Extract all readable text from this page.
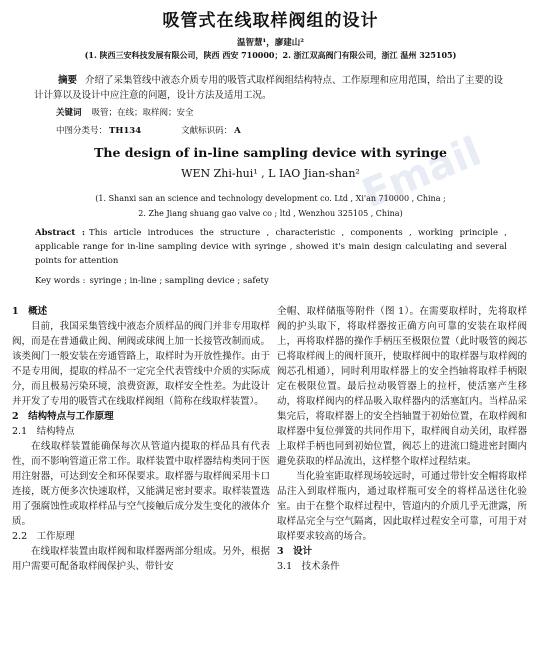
Email
吸管式在线取样阀组的设计
温智慧¹，廖建山²
(1. 陕西三安科技发展有限公司，陕西 西安 710000；2. 浙江双高阀门有限公司，浙江 温州 325105)
摘要 介绍了采集管线中液态介质专用的吸管式取样阀组结构特点、工作原理和应用范围，给出了主要的设计计算以及设计中应注意的问题，设计方法及适用工况。
关键词 吸管；在线；取样阀；安全
中图分类号： TH134	文献标识码： A
The design of in-line sampling device with syringe
WEN Zhi-hui¹ , L IAO Jian-shan²
(1. Shanxi san an science and technology development co. Ltd , Xi'an 710000 , China ;
2. Zhe Jiang shuang gao valve co ; ltd , Wenzhou 325105 , China)
Abstract : This article introduces the structure , characteristic , components , working principle , applicable range for in-line sampling device with syringe , showed it's main design calculating and several points for attention
Key words : syringe ; in-line ; sampling device ; safety

1　概述

目前，我国采集管线中液态介质样品的阀门并非专用取样阀，而是在普通截止阀、闸阀或球阀上加一长接管改制而成。该类阀门一般安装在旁通管路上，取样时为开放性操作。由于不是专用阀，提取的样品不一定完全代表管线中介质的实际成分，而且极易污染环境，浪费资源，取样安全性差。为此设计并开发了专用的吸管式在线取样阀组（简称在线取样装置）。

2　结构特点与工作原理

2.1　结构特点

在线取样装置能确保每次从管道内提取的样品具有代表性，而不影响管道正常工作。取样装置中取样器结构类同于医用注射器，可达到安全和环保要求。取样器与取样阀采用卡口连接，既方便多次快速取样，又能满足密封要求。取样装置选用了强腐蚀性或取样样品与空气接触后成分发生变化的液体介质。

2.2　工作原理

在线取样装置由取样阀和取样器两部分组成。另外，根据用户需要可配备取样阀保护头、带针安

全帽、取样储瓶等附件（图 1）。在需要取样时，先将取样阀的护头取下，将取样器按正确方向可靠的安装在取样阀上，再将取样器的操作手柄压至极限位置（此时吸管的阀芯已将取样阀上的阀杆顶开，使取样阀中的取样器与取样阀的阀芯孔相通），同时利用取样器上的安全挡轴将取样手柄限定在极限位置。最后拉动吸管器上的拉杆，使活塞产生移动，将取样阀内的样品吸入取样器内的活塞缸内。当样品采集完后，将取样器上的安全挡轴置于初始位置，在取样阀和取样器中复位弹簧的共同作用下，取样阀自动关闭，取样器上取样手柄也同到初始位置，阀芯上的进流口缝进密封圈内避免获取的样品流出，这样整个取样过程结束。

当化验室距取样现场较远时，可通过带针安全帽将取样品注入到取样瓶内，通过取样瓶可安全的将样品送往化验室。由于在整个取样过程中，管道内的介质几乎无泄露，所取样品完全与空气隔离，因此取样过程安全可靠，可用于对取样要求较高的场合。

3　设计

3.1　技术条件
